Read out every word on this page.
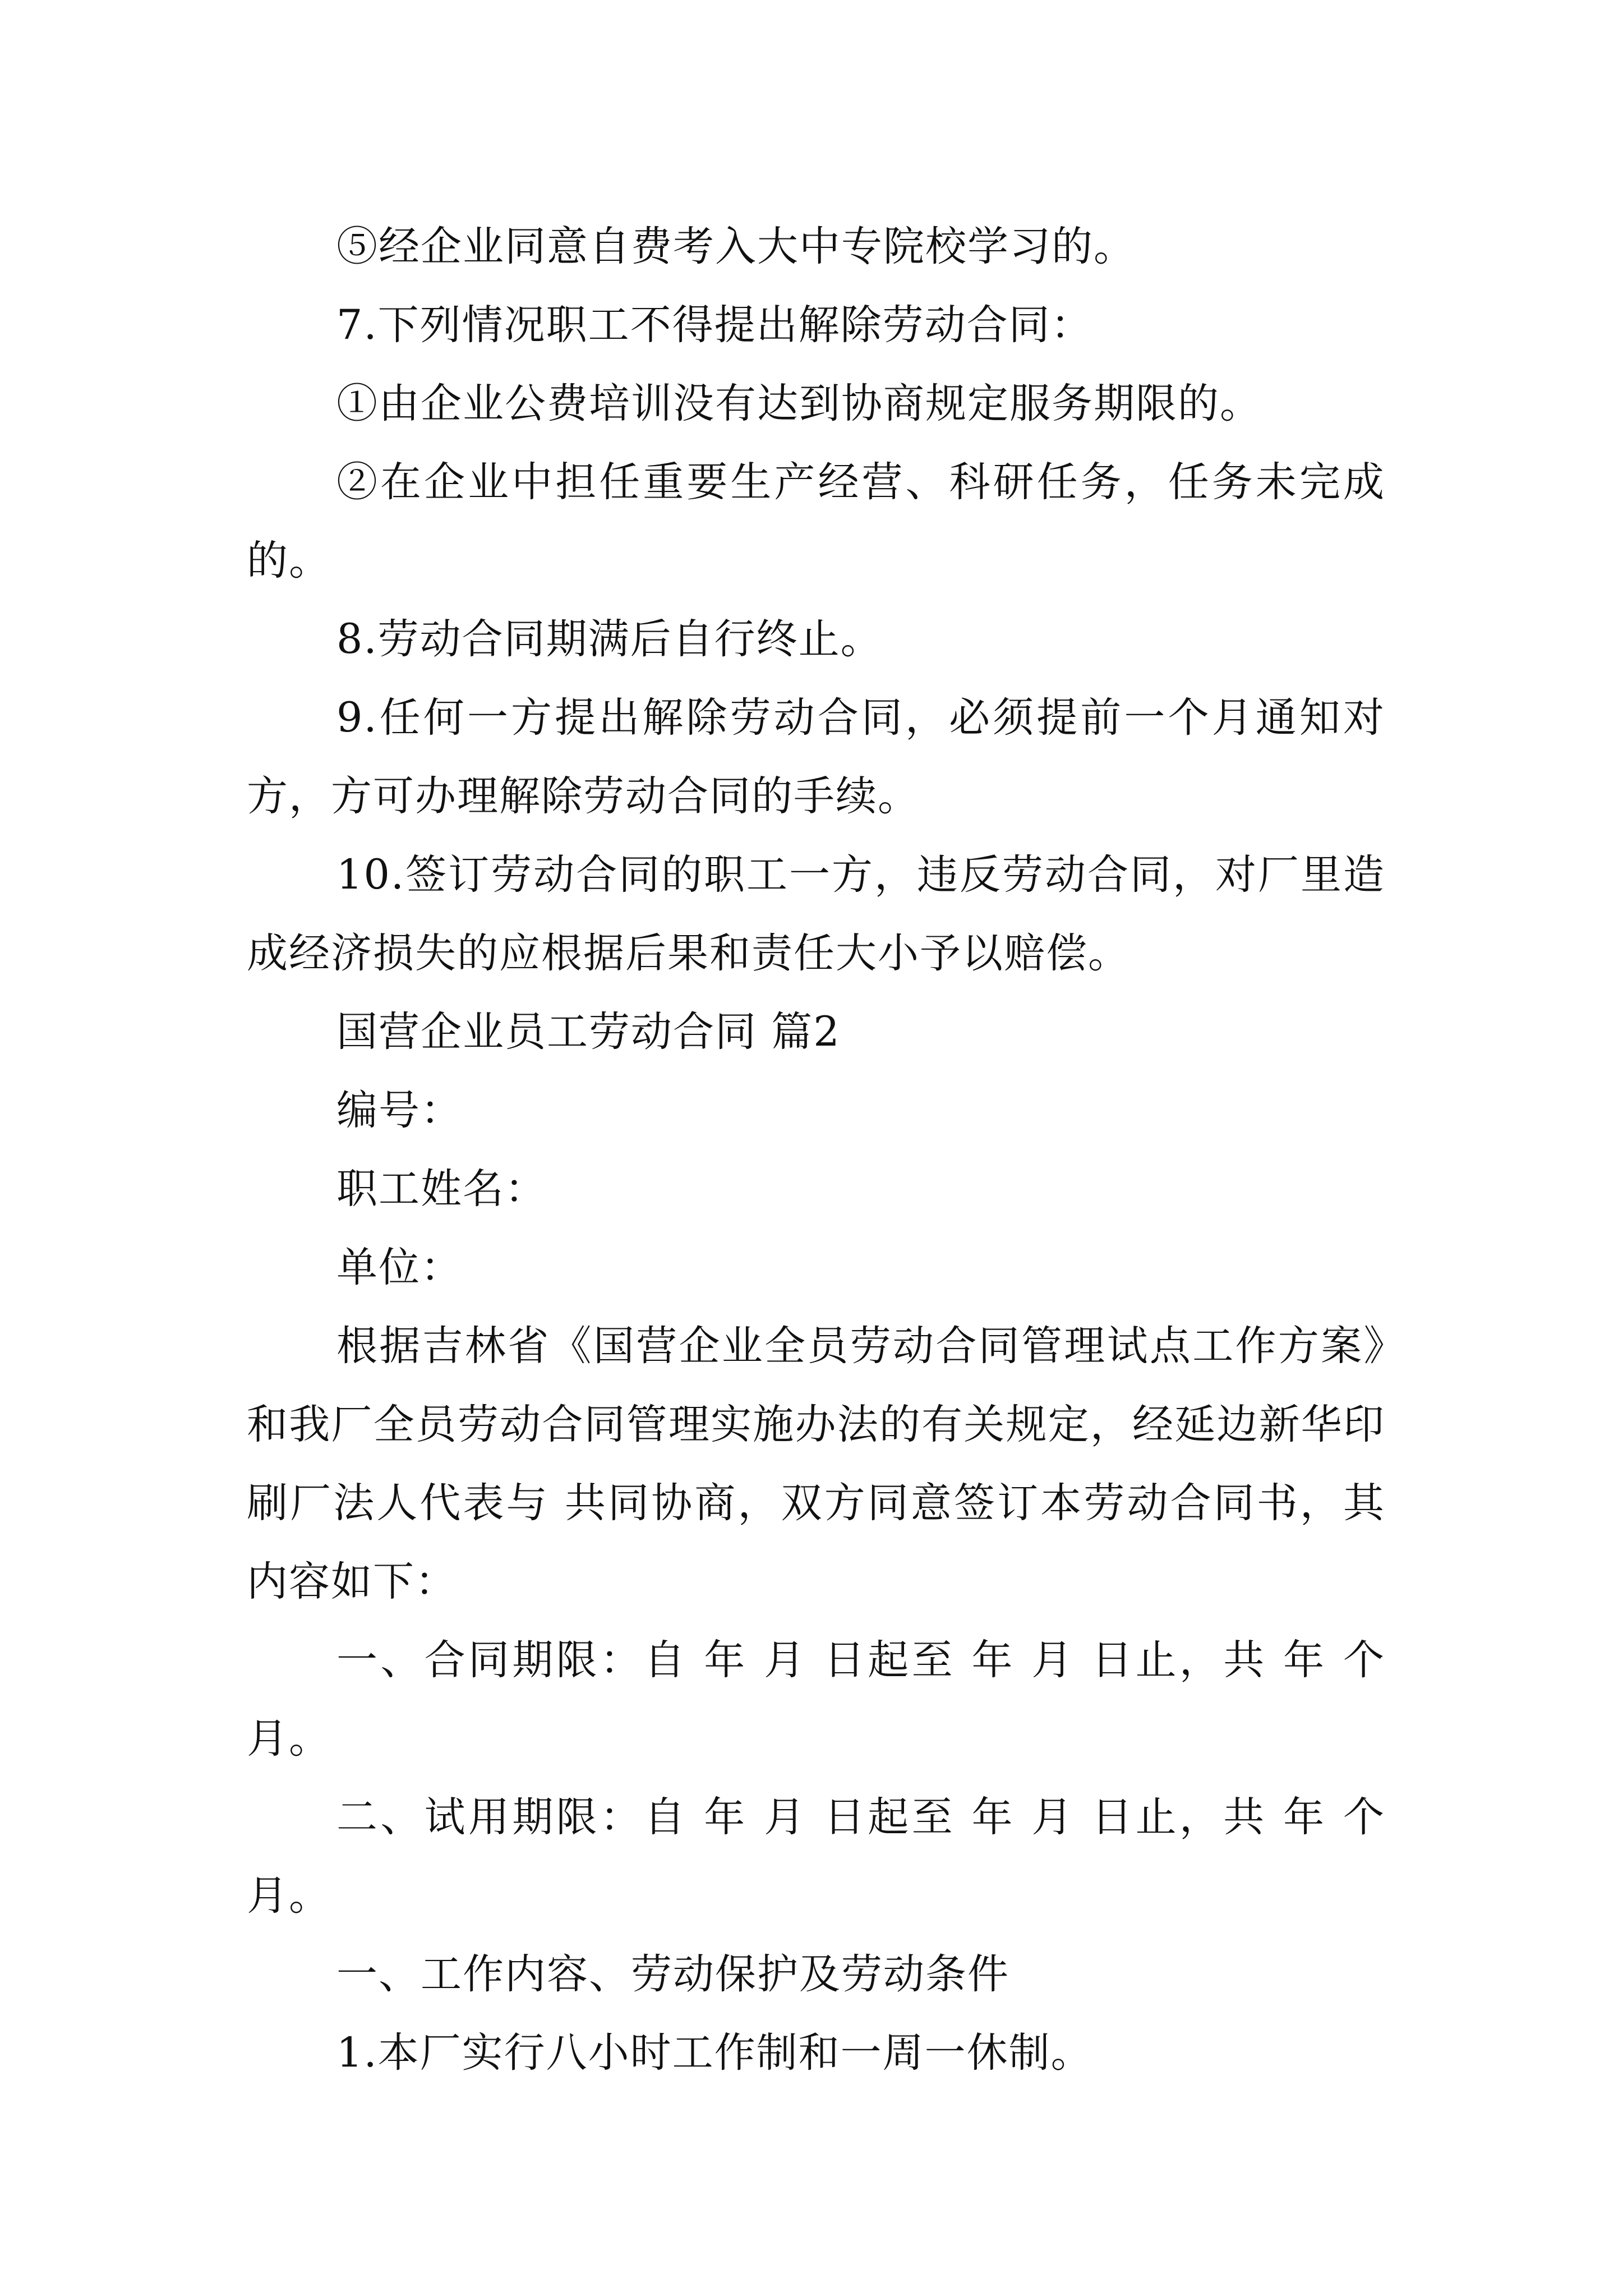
⑤经企业同意自费考入大中专院校学习的。

7.下列情况职工不得提出解除劳动合同：

①由企业公费培训没有达到协商规定服务期限的。

②在企业中担任重要生产经营、科研任务，任务未完成的。

8.劳动合同期满后自行终止。

9.任何一方提出解除劳动合同，必须提前一个月通知对方，方可办理解除劳动合同的手续。

10.签订劳动合同的职工一方，违反劳动合同，对厂里造成经济损失的应根据后果和责任大小予以赔偿。

国营企业员工劳动合同 篇2

编号：

职工姓名：

单位：

根据吉林省《国营企业全员劳动合同管理试点工作方案》和我厂全员劳动合同管理实施办法的有关规定，经延边新华印刷厂法人代表与 共同协商，双方同意签订本劳动合同书，其内容如下：

一、合同期限：自 年 月 日起至 年 月 日止，共 年 个月。

二、试用期限：自 年 月 日起至 年 月 日止，共 年 个月。

一、工作内容、劳动保护及劳动条件

1.本厂实行八小时工作制和一周一休制。
